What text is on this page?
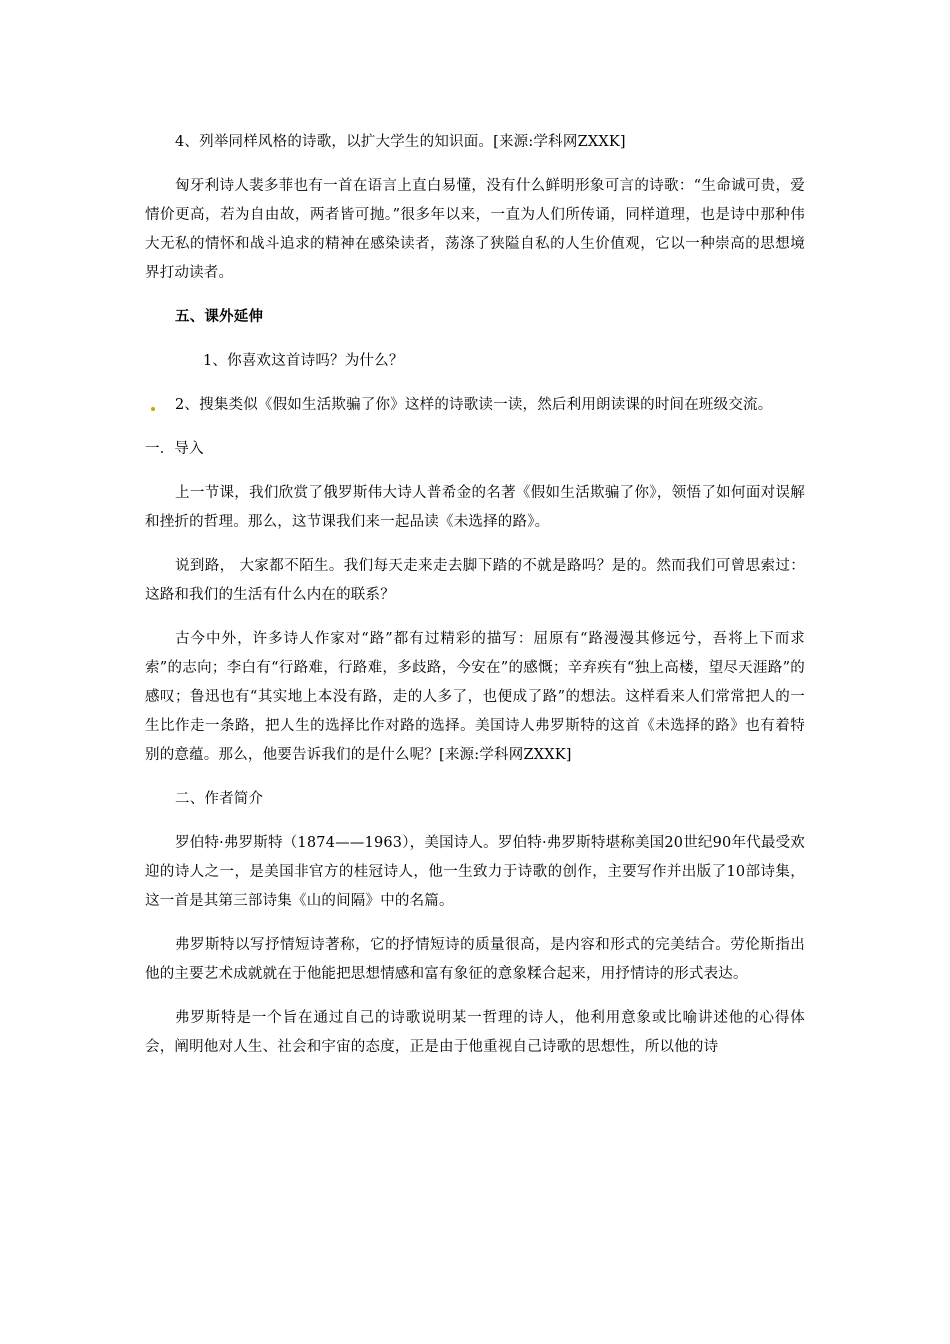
4、列举同样风格的诗歌，以扩大学生的知识面。[来源:学科网ZXXK]

匈牙利诗人裴多菲也有一首在语言上直白易懂，没有什么鲜明形象可言的诗歌：“生命诚可贵，爱情价更高，若为自由故，两者皆可抛。”很多年以来，一直为人们所传诵，同样道理，也是诗中那种伟大无私的情怀和战斗追求的精神在感染读者，荡涤了狭隘自私的人生价值观，它以一种崇高的思想境界打动读者。

五、课外延伸

1、你喜欢这首诗吗？为什么？

2、搜集类似《假如生活欺骗了你》这样的诗歌读一读，然后利用朗读课的时间在班级交流。

一．导入

上一节课，我们欣赏了俄罗斯伟大诗人普希金的名著《假如生活欺骗了你》，领悟了如何面对误解和挫折的哲理。那么，这节课我们来一起品读《未选择的路》。

说到路， 大家都不陌生。我们每天走来走去脚下踏的不就是路吗？是的。然而我们可曾思索过：这路和我们的生活有什么内在的联系？

古今中外，许多诗人作家对“路”都有过精彩的描写：屈原有“路漫漫其修远兮，吾将上下而求索”的志向；李白有“行路难，行路难，多歧路，今安在”的感慨；辛弃疾有“独上高楼，望尽天涯路”的感叹；鲁迅也有“其实地上本没有路，走的人多了，也便成了路”的想法。这样看来人们常常把人的一生比作走一条路，把人生的选择比作对路的选择。美国诗人弗罗斯特的这首《未选择的路》也有着特别的意蕴。那么，他要告诉我们的是什么呢？[来源:学科网ZXXK]

二、作者简介

罗伯特·弗罗斯特（1874——1963），美国诗人。罗伯特·弗罗斯特堪称美国20世纪90年代最受欢迎的诗人之一，是美国非官方的桂冠诗人，他一生致力于诗歌的创作，主要写作并出版了10部诗集，这一首是其第三部诗集《山的间隔》中的名篇。

弗罗斯特以写抒情短诗著称，它的抒情短诗的质量很高，是内容和形式的完美结合。劳伦斯指出他的主要艺术成就就在于他能把思想情感和富有象征的意象糅合起来，用抒情诗的形式表达。

弗罗斯特是一个旨在通过自己的诗歌说明某一哲理的诗人，他利用意象或比喻讲述他的心得体会，阐明他对人生、社会和宇宙的态度，正是由于他重视自己诗歌的思想性，所以他的诗
